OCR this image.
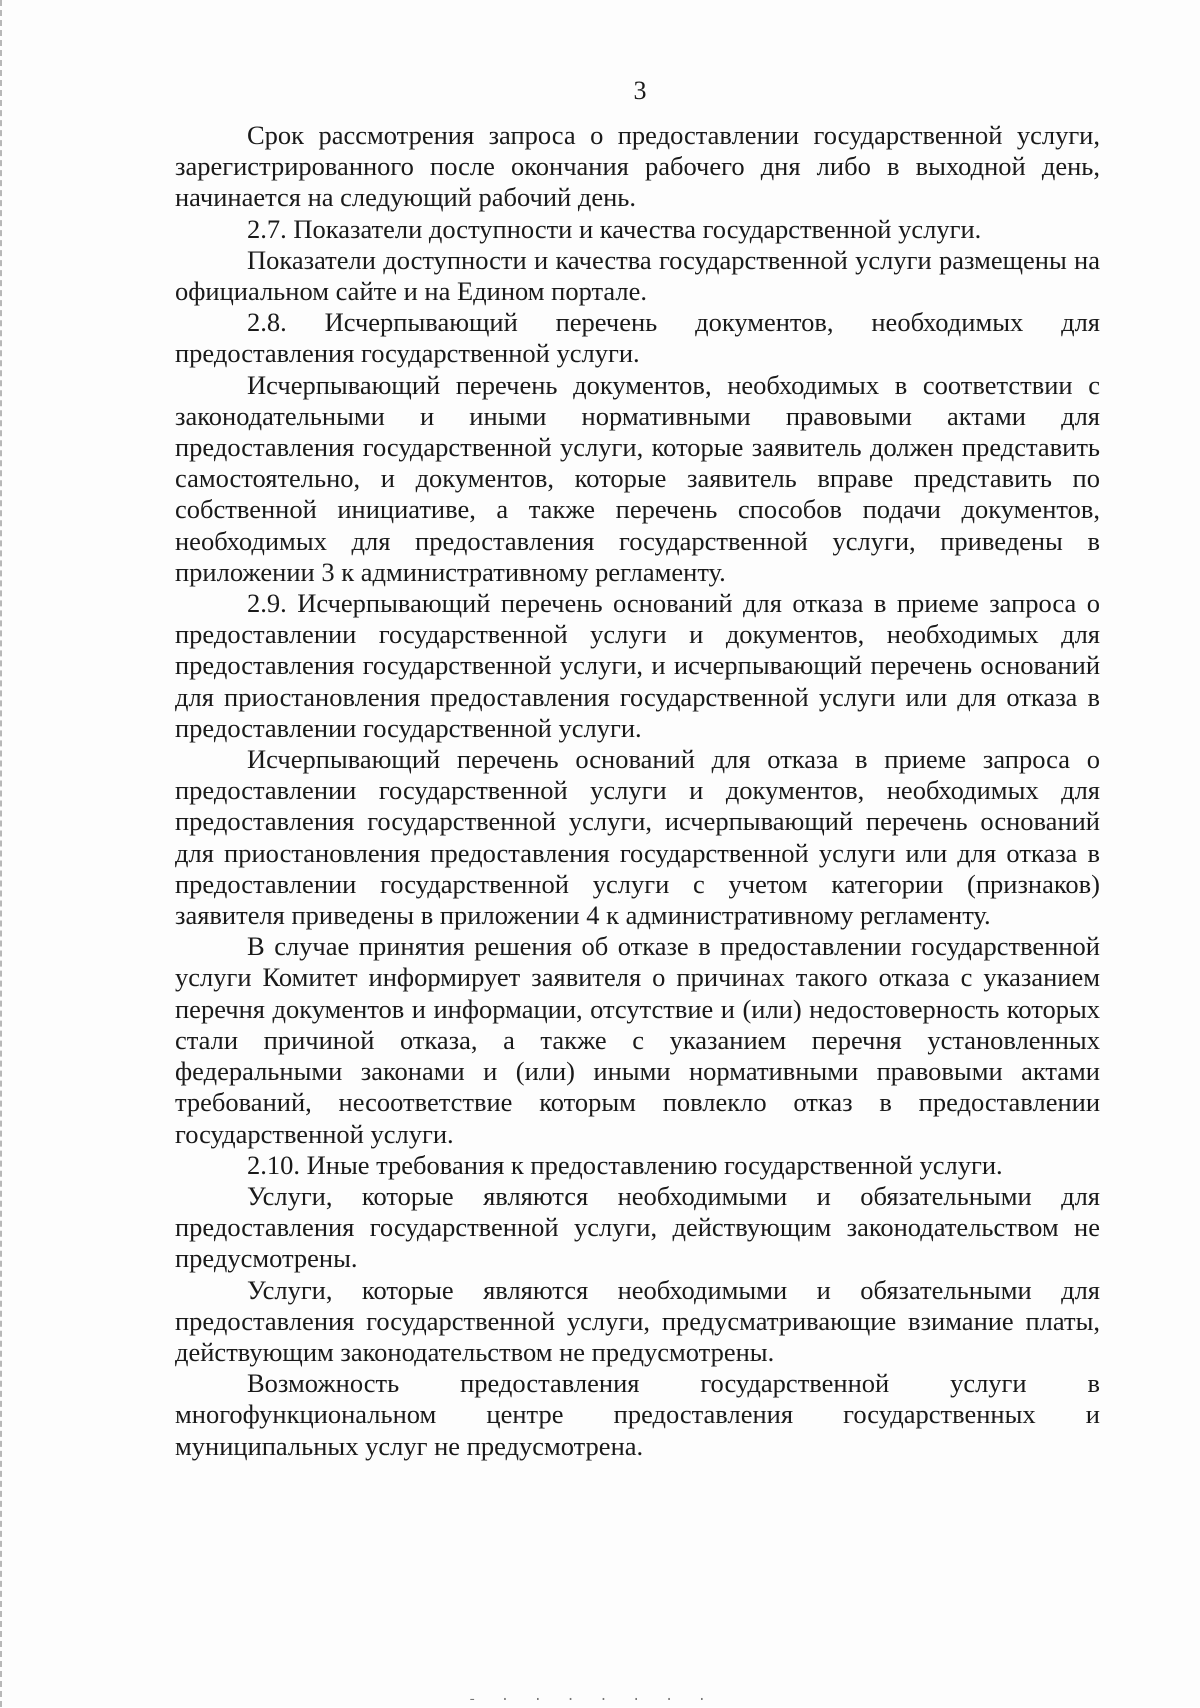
3

Срок рассмотрения запроса о предоставлении государственной услуги, зарегистрированного после окончания рабочего дня либо в выходной день, начинается на следующий рабочий день.

2.7. Показатели доступности и качества государственной услуги.

Показатели доступности и качества государственной услуги размещены на официальном сайте и на Едином портале.

2.8. Исчерпывающий перечень документов, необходимых для предоставления государственной услуги.

Исчерпывающий перечень документов, необходимых в соответствии с законодательными и иными нормативными правовыми актами для предоставления государственной услуги, которые заявитель должен представить самостоятельно, и документов, которые заявитель вправе представить по собственной инициативе, а также перечень способов подачи документов, необходимых для предоставления государственной услуги, приведены в приложении 3 к административному регламенту.

2.9. Исчерпывающий перечень оснований для отказа в приеме запроса о предоставлении государственной услуги и документов, необходимых для предоставления государственной услуги, и исчерпывающий перечень оснований для приостановления предоставления государственной услуги или для отказа в предоставлении государственной услуги.

Исчерпывающий перечень оснований для отказа в приеме запроса о предоставлении государственной услуги и документов, необходимых для предоставления государственной услуги, исчерпывающий перечень оснований для приостановления предоставления государственной услуги или для отказа в предоставлении государственной услуги с учетом категории (признаков) заявителя приведены в приложении 4 к административному регламенту.

В случае принятия решения об отказе в предоставлении государственной услуги Комитет информирует заявителя о причинах такого отказа с указанием перечня документов и информации, отсутствие и (или) недостоверность которых стали причиной отказа, а также с указанием перечня установленных федеральными законами и (или) иными нормативными правовыми актами требований, несоответствие которым повлекло отказ в предоставлении государственной услуги.

2.10. Иные требования к предоставлению государственной услуги.

Услуги, которые являются необходимыми и обязательными для предоставления государственной услуги, действующим законодательством не предусмотрены.

Услуги, которые являются необходимыми и обязательными для предоставления государственной услуги, предусматривающие взимание платы, действующим законодательством не предусмотрены.

Возможность предоставления государственной услуги в многофункциональном центре предоставления государственных и муниципальных услуг не предусмотрена.

- · · · · · · ·
